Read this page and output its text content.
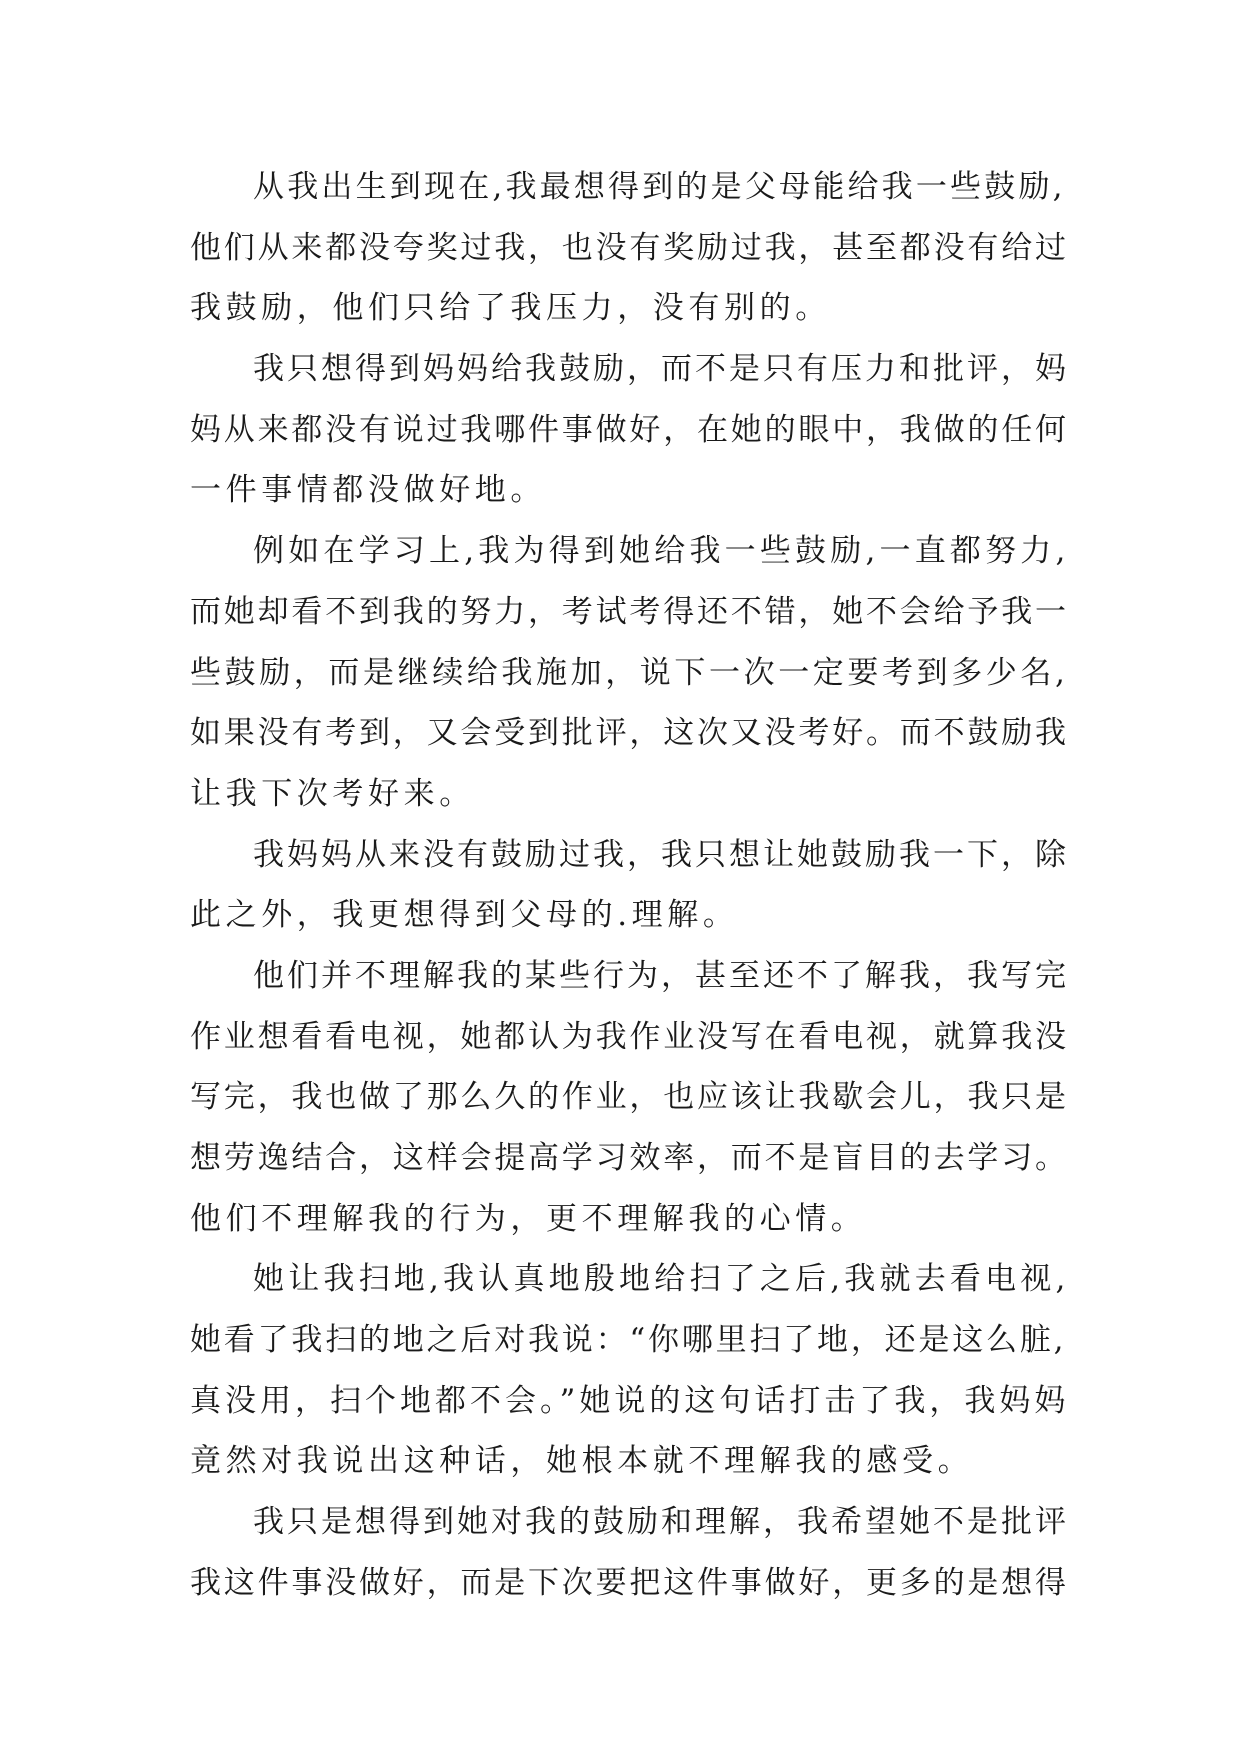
从我出生到现在,我最想得到的是父母能给我一些鼓励,
他们从来都没夸奖过我，也没有奖励过我，甚至都没有给过
我鼓励，他们只给了我压力，没有别的。
我只想得到妈妈给我鼓励，而不是只有压力和批评，妈
妈从来都没有说过我哪件事做好，在她的眼中，我做的任何
一件事情都没做好地。
例如在学习上,我为得到她给我一些鼓励,一直都努力,
而她却看不到我的努力，考试考得还不错，她不会给予我一
些鼓励，而是继续给我施加，说下一次一定要考到多少名,
如果没有考到，又会受到批评，这次又没考好。而不鼓励我
让我下次考好来。
我妈妈从来没有鼓励过我，我只想让她鼓励我一下，除
此之外，我更想得到父母的.理解。
他们并不理解我的某些行为，甚至还不了解我，我写完
作业想看看电视，她都认为我作业没写在看电视，就算我没
写完，我也做了那么久的作业，也应该让我歇会儿，我只是
想劳逸结合，这样会提高学习效率，而不是盲目的去学习。
他们不理解我的行为，更不理解我的心情。
她让我扫地,我认真地殷地给扫了之后,我就去看电视,
她看了我扫的地之后对我说：“你哪里扫了地，还是这么脏,
真没用，扫个地都不会。”她说的这句话打击了我，我妈妈
竟然对我说出这种话，她根本就不理解我的感受。
我只是想得到她对我的鼓励和理解，我希望她不是批评
我这件事没做好，而是下次要把这件事做好，更多的是想得
